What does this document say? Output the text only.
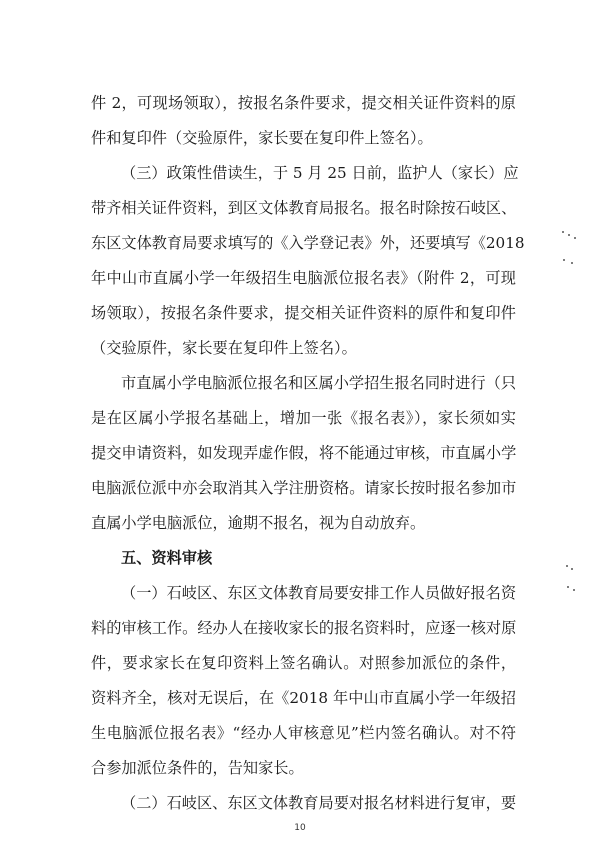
件 2，可现场领取），按报名条件要求，提交相关证件资料的原
件和复印件（交验原件，家长要在复印件上签名）。
（三）政策性借读生，于 5 月 25 日前，监护人（家长）应
带齐相关证件资料，到区文体教育局报名。报名时除按石岐区、
东区文体教育局要求填写的《入学登记表》外，还要填写《2018
年中山市直属小学一年级招生电脑派位报名表》（附件 2，可现
场领取），按报名条件要求，提交相关证件资料的原件和复印件
（交验原件，家长要在复印件上签名）。
市直属小学电脑派位报名和区属小学招生报名同时进行（只
是在区属小学报名基础上，增加一张《报名表》），家长须如实
提交申请资料，如发现弄虚作假，将不能通过审核，市直属小学
电脑派位派中亦会取消其入学注册资格。请家长按时报名参加市
直属小学电脑派位，逾期不报名，视为自动放弃。
五、资料审核
（一）石岐区、东区文体教育局要安排工作人员做好报名资
料的审核工作。经办人在接收家长的报名资料时，应逐一核对原
件，要求家长在复印资料上签名确认。对照参加派位的条件，
资料齐全，核对无误后，在《2018 年中山市直属小学一年级招
生电脑派位报名表》“经办人审核意见”栏内签名确认。对不符
合参加派位条件的，告知家长。
（二）石岐区、东区文体教育局要对报名材料进行复审，要
10
